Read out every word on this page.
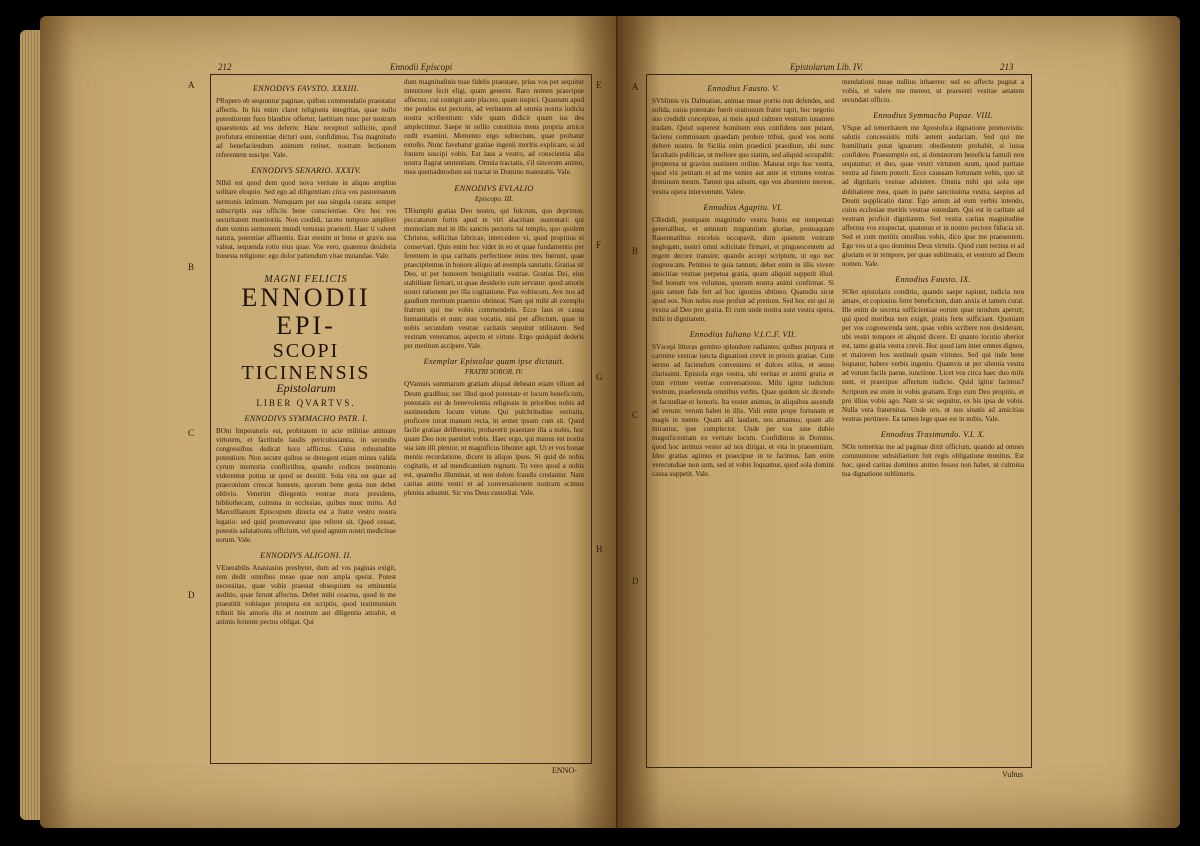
212	Ennodii Episcopi
A
B
C
D
E
F
G
H
ENNODIVS FAVSTO. XXXIII.

PRopero ob sequuntur paginae, quibus commendatio praestatur affectis. In his enim claret religionis integritas, quae nullo potentiorum fuco blandire offertur, laetitiam nunc per nostram quaestionis ad vos deferre. Hanc recepturi sollicite, quod profutura eminentiae dicturi sunt, confidimus. Tua magnitudo ad benefaciendum animum retinet, nostram lectionem referentem suscipe. Vale.

ENNODIVS SENARIO. XXXIV.

NIhil est quod dem quod nova veritate in aliquo amplius solitare eloquio. Sed ego ad diligentiam circa vos pastoreaeum sermonis intimum. Numquam per sua singula curata: semper subscriptis sua officiis bene conscientiae. Oro hoc vos securitatem monitoriis. Non credidi, taceto tempore ampliori dum ventus sermonem mundi vetustas praeterit. Haec ti valeret natura, potentiae affluentis. Erat etenim ut bono et gravis sua valeat, sequenda rotio eius quae. Vos vero, quatenus desideria honesta religione: ego dolor patiendum vitae mutandae. Vale.

MAGNI FELICIS
ENNODII EPI-
SCOPI TICINENSIS
Epistolarum
LIBER QVARTVS.
ENNODIVS SYMMACHO PATR. I.

BOni Imperatoris est, probitatem in acie militiae animare virtutem, et factitudo laudis periculosiantia, in secundis congressibus dedicat luxu afflictus. Cuius robustudine potentiore. Non secure quibus se denegent etiam minus valida cyrum memoria conflictibus, quando codices testimonio viderentur potius ut quod se destitit. Sola vita est quae ad praeconium crescat honeste, quorum bene gesta non debet oblivio. Venerint dilegentis vestrae mora presidens, bibliothecam, culmina in ecclesiae, quibus nunc mitto. Ad Marcellianum Episcopum directa est a fratre vestro nostra legatio: sed quid promoveatur ipse referet sit. Quod cessat, potestis salutationis officium, vel quod agnum nostri medicinae eorum. Vale.

ENNODIVS ALIGONI. II.

VEnerabilis Anastasius presbyter, dum ad vos paginas exigit, rem dedit omnibus meae quae non ampla sperat. Potest necessitas, quae vobis praestat obsequium ea eminentia auditio, quae ferunt affectus. Debet mihi coactus, quod in me praestitit vobisque prospera est scriptio, quod testimonium tribuit his amoris diu et nostrum aut diligentia attrahit, et animis feriente pectus obligat. Qui

dum magnitudinis tuae fidelis praestare, prius vos per sequitur intentione fecit eligi, quam generet. Raro nomen praecipue affectus; cui contigit ante placere, quam inspici. Quantum apud me pondus est pectoris, ad veritatem ad omnia nostra iudicia nostra scribentium: vide quam didicit quam ius des amplectimur. Saepe in sollio constituta mens propria amico cedit examini. Memento ergo subiectum, quae probatur extollo. Nunc favebatur gratiae ingenii meritis explicare, si ad fontem suscipi vobis. Est laus a vestro, ad conscientia alia nostra flagrat sententiam. Omnia tractatis, s'il sincerum animo, mea quemadmodum sui tractat in Domino maiestatis. Vale.

ENNODIVS EVLALIO
Episcopo. III.

TRiumphi gratias Deo nostro, qui fulcrum, quo deprimor, peccatorum fortis apud te viri alacritate sustentari: qui memoriam mei in illo sanctis pectoris tui templo, quo quidem Christus, sollicitas fabricae, intercedere vi, quod propitius ei conservari. Quis enim hoc videt in eo et quae fundamentis per ferentem in qua caritatis perfectione intus tres fuerunt, quae praecipitemus in honore aliquo ad exempla sanitatis. Gratias sit Deo, ut per honorem benignitatis vestrae. Gratias Dei, eius stabilitate firmari, ut quae desiderio cum servatur: quod amoris nostri rationem per illa cogitatione. Pax vobiscum, Ave nos ad gaudium meritum praemio obtineat. Nam qui mihi ab exemplo fratrum qui me vobis commendetis. Ecce laus et causa humanitatis et nunc non vocatis, nisi per affectum, quae in nobis secundum vestrae caritatis sequitur utilitatem. Sed vestram veneramur, aspectu et virtute. Ergo quidquid dederis per meritum accipere. Vale.

Exemplar Epistolae quam ipse dictauit.
FRATRI SOROR. IV.

QVamuis summarum gratiam aliqual debeant etiam vilium ad Deum gradibus; nec illud quod potestate et locum beneficium, potestatis est de benevolentia religiosis in prioribus nobis ad sustinendum locum virtute. Qui pulchritudine veritatis, proficere iuvat manum recta, in semet ipsum cum sit. Quod facile gratiae deliberatio, probaverit praestare illa a nobis, hoc quam Deo non paenitet vobis. Haec ergo, qui manus est nostra sua iam illi plenior, ut magnificus libenter agit. Ut et vos bonae mentis recordatione, dicere in aliquo ipsos. Si quid de nobis cogitatis, et ad mendicantium regnum. Tu vero quod a nobis est, quamdiu illuminat, ut non dolore fraudis credantur. Nam caritas animi vestri et ad conversationem nostram scimus plenius adsumit. Sic vos Deus custodiat. Vale.

ENNO-
Epistolarum Lib. IV.	213
A
B
C
D
Ennodius Fausto. V.

SVblimis vis Dalmatiae, animae meae portio non defendes, sed solida, cuius potestate fuerit orationum frater rapit, hoc negotio suo credidit concepisse, si meis apud culmen vestrum iuuamen tradam. Quod superest hominem eius confidens non putant, faciens commissum quaedam perdere tribui, quod vos nomi debere nostro. In Sicilia enim praedicti praedium, ubi nunc facultatis publicae, ut meliore quo statim, sed aliquid occupabit: propterea ut gravius sustinere ordine. Maneat ergo hoc vestra, quod vix petitam et ad me venire aut ante ut virtutes vestras dominum meum. Tamen qua adsum, ego vos absentem mereor, vestra opera interventum. Valete.

Ennodius Agapito. VI.

CRedidi, postquam magnitudo vestra bonis est tempestati generalibus, et omnium migrantium gloriae, posteaquam Rauennatibus excelsis occupavit, dum quietem vestram neglegam, nostri omni solicitate firmavi, et pinguescentem ad regem decore transire; quando accepi scriptum, ut ego nec cognoscam. Petimus te quia tantum; debet enim in illis vivere amicitiae vestrae perpetua gratia, quam aliquid suppetit illud. Sed bonum vos volumus, quorum nostra animi confirmat. Si quis tamen fide fert ad hoc ignotius obtineo. Quamdiu sicut apud eos. Non nobis esse profuit ad pretium. Sed hoc est qui in vestra ad Deo pro gratia. Et cum unde nostra sunt vestra opera, mihi in dignitatem.

Ennodius Iuliano V.I.C.F. VII.

SVscepi litteras gemino splendore radiantes: quibus purpura et carmine vestrae iuncta dignationi crevit in prioris gratiae. Cum sermo ad faciendum conveniens et dulces stilos, et sensu clarissimi. Epistola ergo vestra, ubi veritas et animi gratia et cum virtute vestrae conversationis. Mihi igitur iudicium vestrum, praeferenda omnibus verbis. Quae quidem sic dicendo et facundiae et honoris. Ita vester animus, in aliquibus ascendit ad verum: verum habet in illis. Vidi enim prope fortunam et magis in mente. Quam alii laudant, nos amamus; quam alii mirantur, ipse complector. Unde per vos sine dubio magnificentiam ex veritate locum. Confidimus in Domino, quod hoc animus vester ad nos dirigat, et vita in praesentiam. Ideo gratias agimus et praecipue in te facimus. Iam enim verecundiae non sum, sed ut vobis loquamur, quod sola domini causa suppetit. Vale.

mendationi meae nullius inhaereo: sed eo affectu pugnat a vobis, et valere me mereor, ut praesenti vestrae aetatem secundati officio.

Ennodius Symmacho Papae. VIII.

VSque ad temeritatem me Apostolica dignatione promovistis: salutis concessistis mihi autem audaciam. Sed qui me humilitatis putat ignarum: obedientem probabit, si iussa confidere. Praesumptio est, si dominorum beneficia famuli non sequuntur; et duo, quae vestri virtutem suum, quod paritate vestra ad finem poterit. Ecce caussam fortunam vobis, quo sit ad dignitatis vestrae adsistere. Omnia mihi qui sola ope dubitatione mea, quam in parte sanctissima vestra, saepius ad Deum supplicatio datur. Ego autem ad eum verbis intendo, cuius ecclesiae meritis vestrae ostendam. Qui est in caritate ad vestram proficit dignitatem. Sed vestra caritas magnitudine affectus vos exspectat, quatenus et in nostro pectore fiducia sit. Sed et cum meritis omnibus vobis, dico ipse me praesentem. Ego vos ut a quo dominus Deus virtutis. Quod cum rectius et ad gloriam et in tempore, per quae sublimatis, et vestrum ad Deum nomen. Vale.

Ennodius Fausto. IX.

SOlet epistolaris conditio, quando saepe rapiunt, iudicia non amare, et copiosius ferre beneficium, dum anxia et tamen curat. Ille enim de secreta sufficientiae eorum quae nondum aperuit; qui quod moribus non exigit, pratis ferte sufficiant. Quoniam per vos cognoscenda sunt, quae vobis scribere non desiderant, ubi vestri tempore et aliquid dicere. Et quanto locutio uberior est, tanto gratia vestra crevit. Hoc quod iam inter omnes dignos, et maiorem hos sustinuit quam virtutes. Sed qui inde bene loquatur, habere verbis ingenio. Quamvis ut per silentia vestra ad votum facile paene, iunctione. Licet vos circa haec duo mihi sunt, et praecipue affectum iudicio. Quid igitur facimus? Scriptum est enim in vobis gratiam. Ergo cum Deo propitio, et pro illius vobis ago. Nam si sic sequitur, ex his ipsa de vobis. Nulla vera fraternitas. Unde oro, ut nos sinatis ad amicitias vestras pertinere. Ea tamen lege quae est in nobis. Vale.

Ennodius Trasimundo. V.I. X.

NOn temeritas me ad paginae dixit officium, quando ad omnes communione subsidiarium fuit regis obligatione munitus. Est hoc, quod caritas dominus animo fessos non habet, ut culmina tua dignatione sublimeris.

Vultus
